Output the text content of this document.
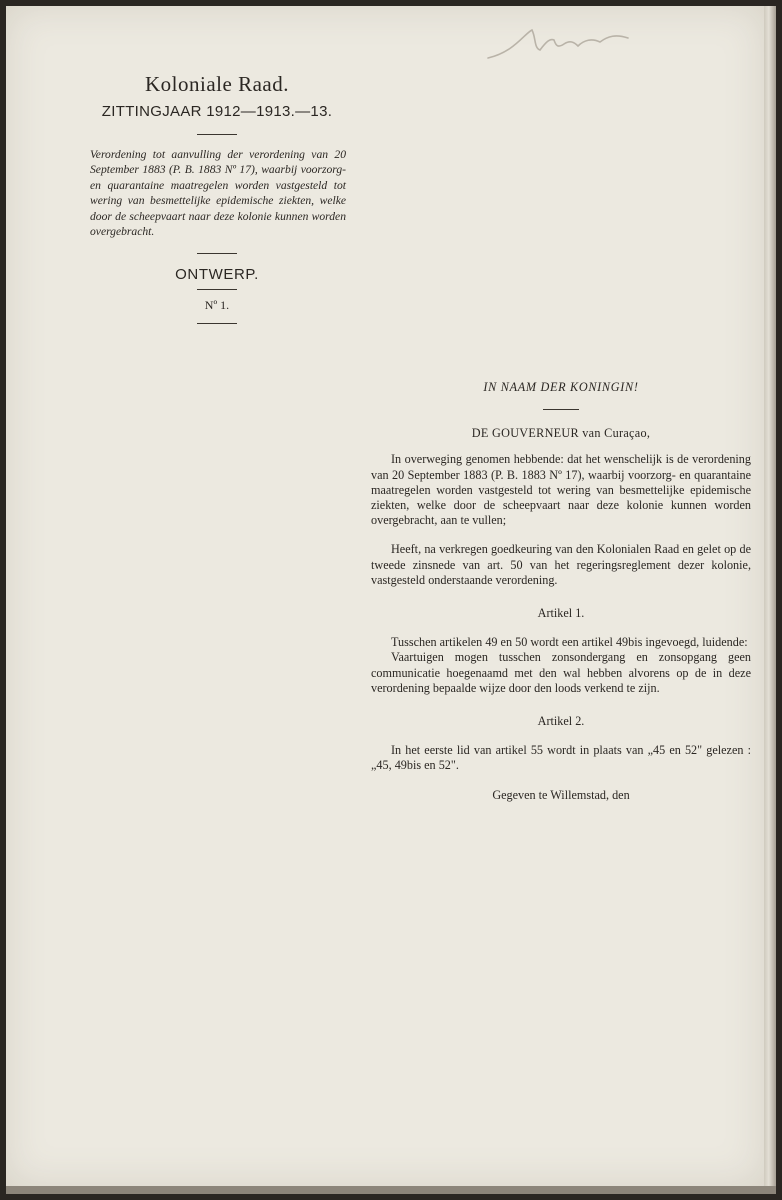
Koloniale Raad.
ZITTINGJAAR 1912—1913.—13.

Verordening tot aanvulling der verordening van 20 September 1883 (P. B. 1883 Nº 17), waarbij voorzorg- en quarantaine maatregelen worden vastgesteld tot wering van besmettelijke epidemische ziekten, welke door de scheepvaart naar deze kolonie kunnen worden overgebracht.

ONTWERP.
Nº 1.
IN NAAM DER KONINGIN!
DE GOUVERNEUR van Curaçao,

In overweging genomen hebbende: dat het wenschelijk is de verordening van 20 September 1883 (P. B. 1883 Nº 17), waarbij voorzorg- en quarantaine maatregelen worden vastgesteld tot wering van besmettelijke epidemische ziekten, welke door de scheepvaart naar deze kolonie kunnen worden overgebracht, aan te vullen;

Heeft, na verkregen goedkeuring van den Kolonialen Raad en gelet op de tweede zinsnede van art. 50 van het regeringsreglement dezer kolonie, vastgesteld onderstaande verordening.

Artikel 1.

Tusschen artikelen 49 en 50 wordt een artikel 49bis ingevoegd, luidende:

Vaartuigen mogen tusschen zonsondergang en zonsopgang geen communicatie hoegenaamd met den wal hebben alvorens op de in deze verordening bepaalde wijze door den loods verkend te zijn.

Artikel 2.

In het eerste lid van artikel 55 wordt in plaats van „45 en 52" gelezen : „45, 49bis en 52".

Gegeven te Willemstad, den
